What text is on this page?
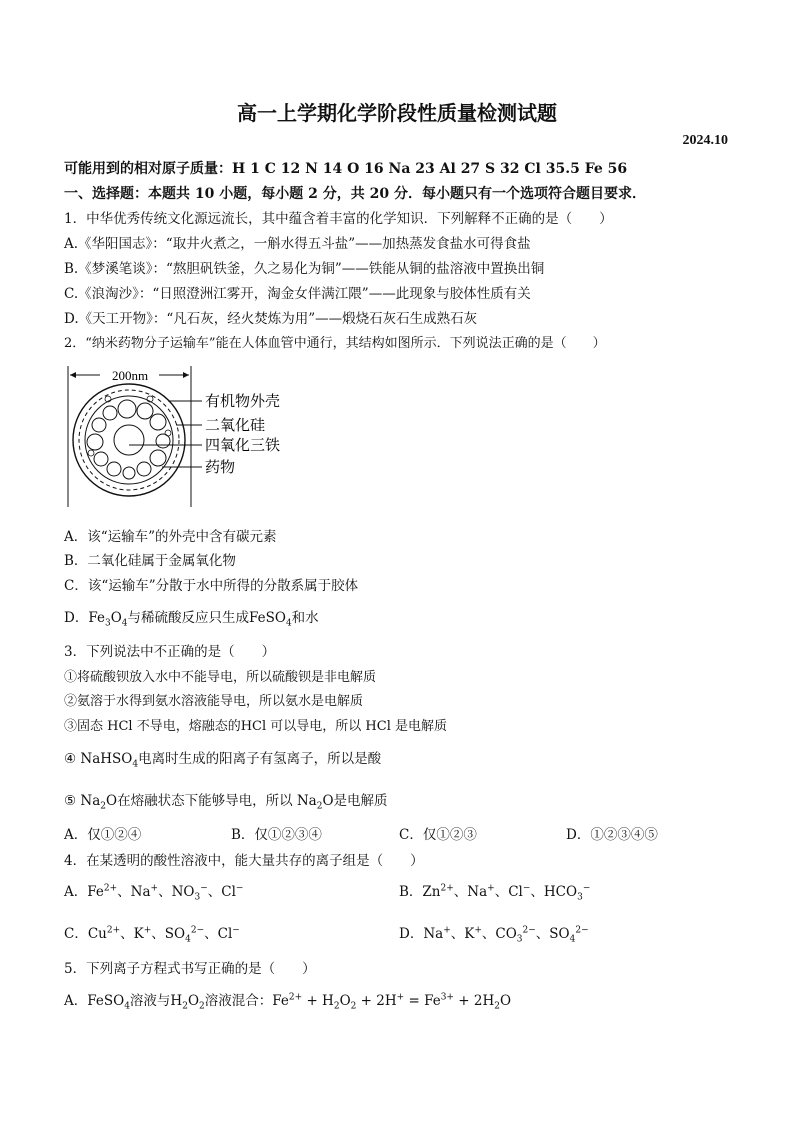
高一上学期化学阶段性质量检测试题
2024.10
可能用到的相对原子质量：H 1 C 12 N 14 O 16 Na 23 Al 27 S 32 Cl 35.5 Fe 56
一、选择题：本题共 10 小题，每小题 2 分，共 20 分．每小题只有一个选项符合题目要求．
1．中华优秀传统文化源远流长，其中蕴含着丰富的化学知识．下列解释不正确的是（　　）
A.《华阳国志》：“取井火煮之，一斛水得五斗盐”——加热蒸发食盐水可得食盐
B.《梦溪笔谈》：“熬胆矾铁釜，久之易化为铜”——铁能从铜的盐溶液中置换出铜
C.《浪淘沙》：“日照澄洲江雾开，淘金女伴满江隈”——此现象与胶体性质有关
D.《天工开物》：“凡石灰，经火焚炼为用”——煅烧石灰石生成熟石灰
2．“纳米药物分子运输车”能在人体血管中通行，其结构如图所示．下列说法正确的是（　　）
200nm
有机物外壳
二氧化硅
四氧化三铁
药物
A．该“运输车”的外壳中含有碳元素
B．二氧化硅属于金属氧化物
C．该“运输车”分散于水中所得的分散系属于胶体
D．$Fe_3O_4$与稀硫酸反应只生成FeSO$_4$和水
3．下列说法中不正确的是（　　）
①将硫酸钡放入水中不能导电，所以硫酸钡是非电解质
②氨溶于水得到氨水溶液能导电，所以氨水是电解质
③固态 HCl 不导电，熔融态的HCl 可以导电，所以 HCl 是电解质
④ NaHSO$_4$电离时生成的阳离子有氢离子，所以是酸
⑤ $Na_2O$在熔融状态下能够导电，所以 $Na_2O$是电解质
A．仅①②④	B．仅①②③④	C．仅①②③	D．①②③④⑤
4．在某透明的酸性溶液中，能大量共存的离子组是（　　）
A．$Fe^{2+}$、Na+、$NO_3^-$、Cl−	B．$Zn^{2+}$、Na+、Cl−、$HCO_3^-$
C．$Cu^{2+}$、K+、$SO_4^{2-}$、Cl−	D．Na+、K+、$CO_3^{2-}$、$SO_4^{2-}$
5．下列离子方程式书写正确的是（　　）
A．FeSO$_4$溶液与$H_2O_2$溶液混合：$Fe^{2+} + H_2O_2 + 2H^+ = Fe^{3+} + 2H_2O$
